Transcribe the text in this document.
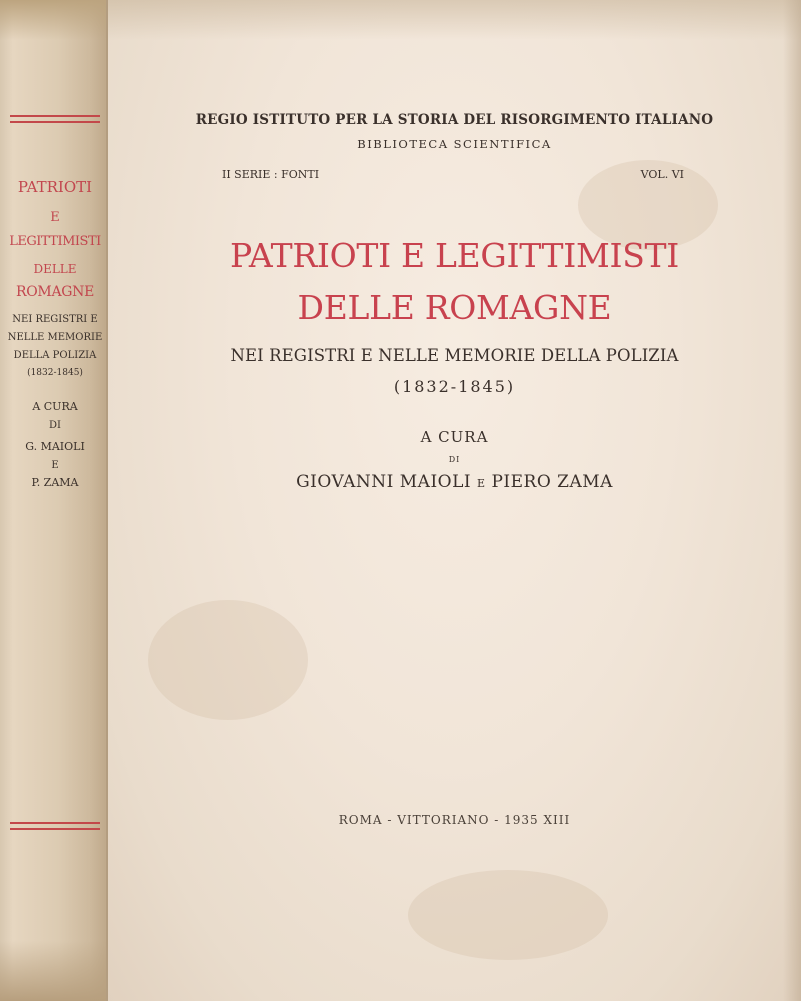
PATRIOTI
E
LEGITTIMISTI
DELLE
ROMAGNE
NEI REGISTRI E
NELLE MEMORIE
DELLA POLIZIA
(1832-1845)
A CURA
DI
G. MAIOLI
E
P. ZAMA
REGIO ISTITUTO PER LA STORIA DEL RISORGIMENTO ITALIANO
BIBLIOTECA SCIENTIFICA
II SERIE : FONTI	VOL. VI
PATRIOTI E LEGITTIMISTI
DELLE ROMAGNE
NEI REGISTRI E NELLE MEMORIE DELLA POLIZIA
(1832-1845)
A CURA
DI
GIOVANNI MAIOLI E PIERO ZAMA
ROMA - VITTORIANO - 1935 XIII
